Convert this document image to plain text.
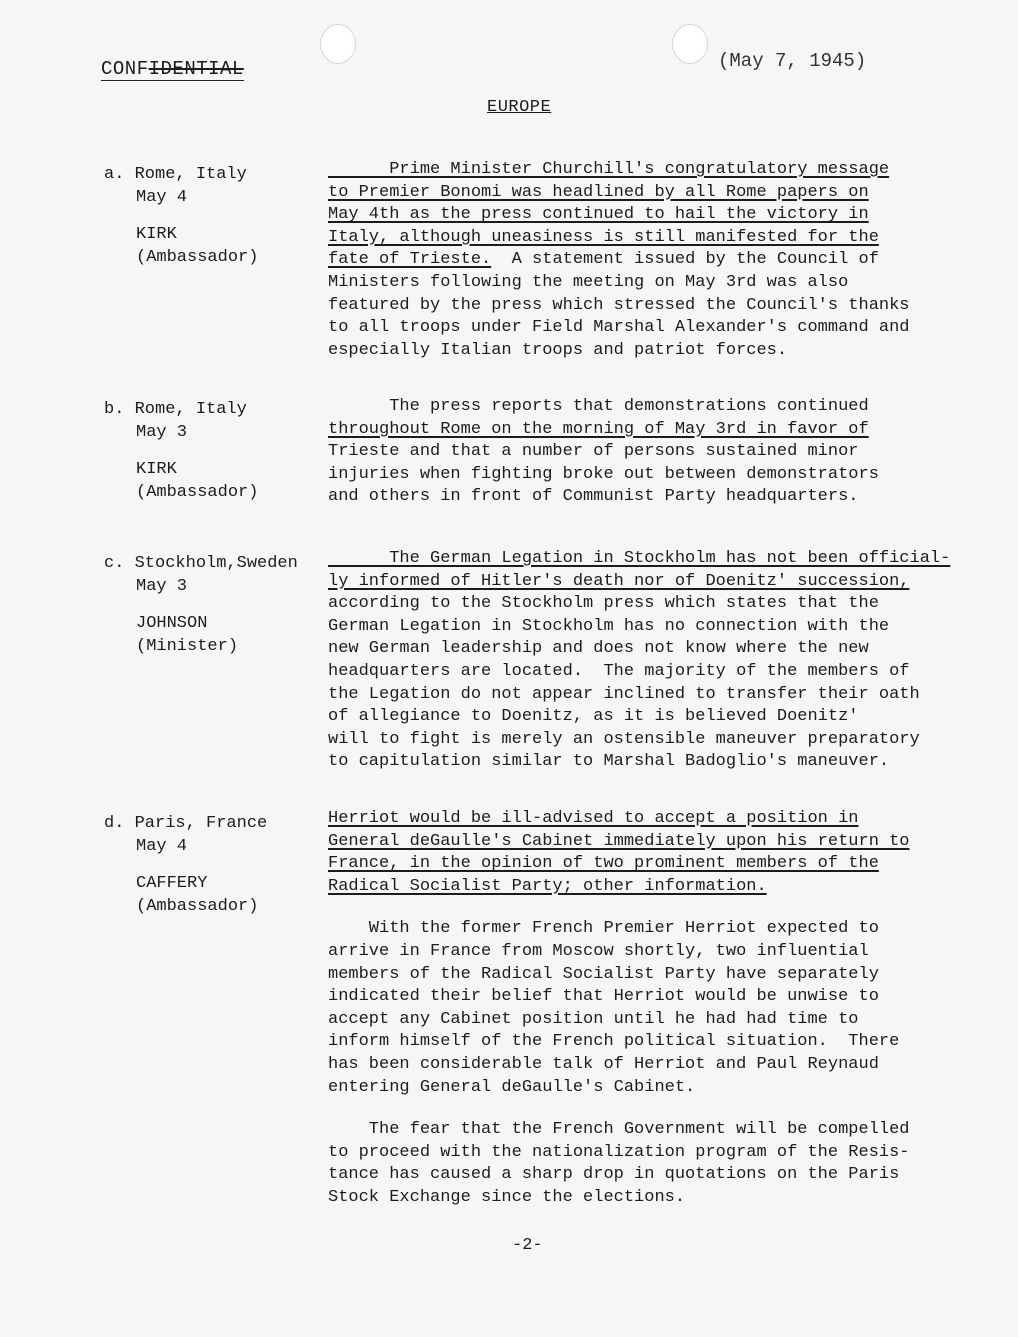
CONFIDENTIAL	(May 7, 1945)
EUROPE
a. Rome, Italy
May 4
KIRK
(Ambassador)
Prime Minister Churchill's congratulatory message
to Premier Bonomi was headlined by all Rome papers on
May 4th as the press continued to hail the victory in
Italy, although uneasiness is still manifested for the
fate of Trieste.  A statement issued by the Council of
Ministers following the meeting on May 3rd was also
featured by the press which stressed the Council's thanks
to all troops under Field Marshal Alexander's command and
especially Italian troops and patriot forces.
b. Rome, Italy
May 3
KIRK
(Ambassador)
The press reports that demonstrations continued
throughout Rome on the morning of May 3rd in favor of
Trieste and that a number of persons sustained minor
injuries when fighting broke out between demonstrators
and others in front of Communist Party headquarters.
c. Stockholm,Sweden
May 3
JOHNSON
(Minister)
The German Legation in Stockholm has not been official-
ly informed of Hitler's death nor of Doenitz' succession,
according to the Stockholm press which states that the
German Legation in Stockholm has no connection with the
new German leadership and does not know where the new
headquarters are located.  The majority of the members of
the Legation do not appear inclined to transfer their oath
of allegiance to Doenitz, as it is believed Doenitz'
will to fight is merely an ostensible maneuver preparatory
to capitulation similar to Marshal Badoglio's maneuver.
d. Paris, France
May 4
CAFFERY
(Ambassador)
Herriot would be ill-advised to accept a position in
General deGaulle's Cabinet immediately upon his return to
France, in the opinion of two prominent members of the
Radical Socialist Party; other information.
With the former French Premier Herriot expected to
arrive in France from Moscow shortly, two influential
members of the Radical Socialist Party have separately
indicated their belief that Herriot would be unwise to
accept any Cabinet position until he had had time to
inform himself of the French political situation.  There
has been considerable talk of Herriot and Paul Reynaud
entering General deGaulle's Cabinet.
The fear that the French Government will be compelled
to proceed with the nationalization program of the Resis-
tance has caused a sharp drop in quotations on the Paris
Stock Exchange since the elections.
-2-
